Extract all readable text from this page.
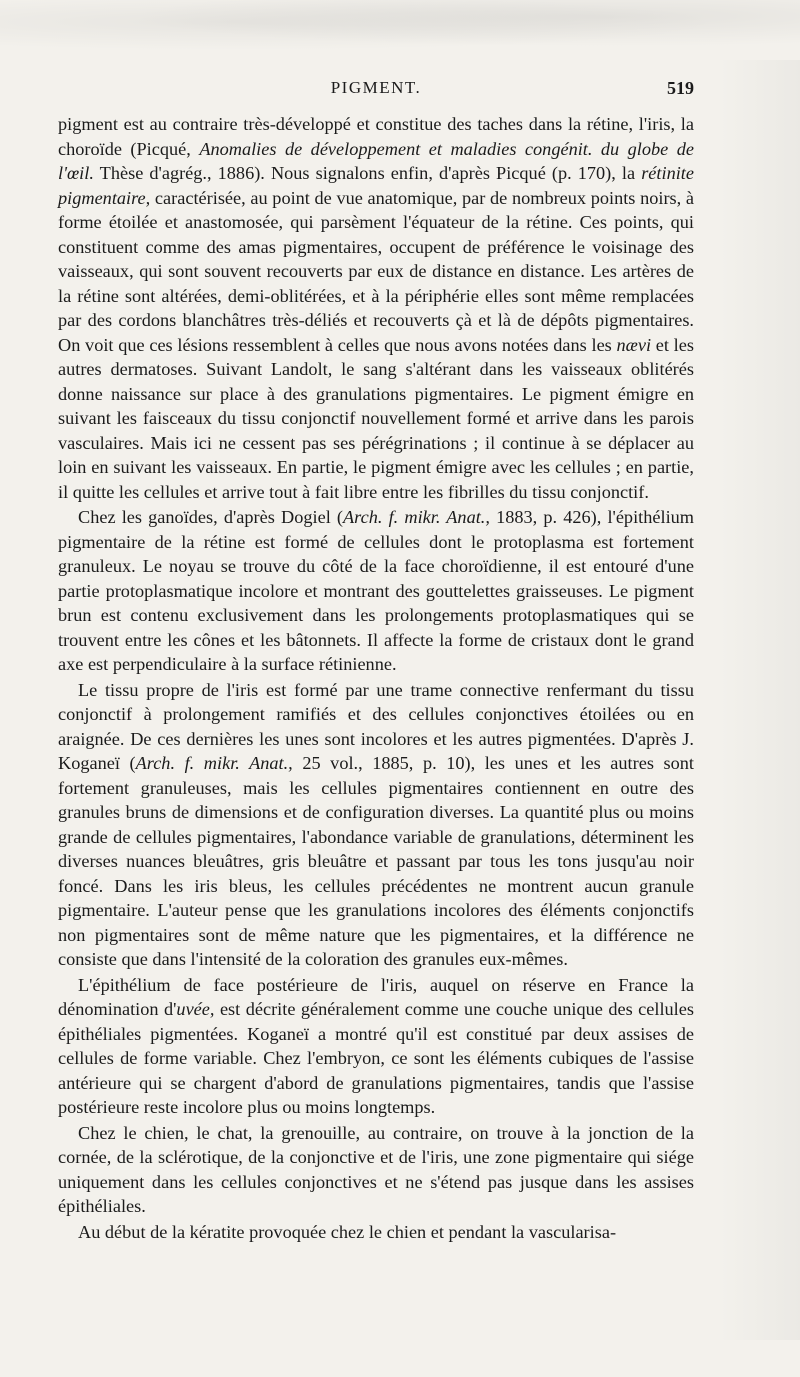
PIGMENT.	519

pigment est au contraire très-développé et constitue des taches dans la rétine, l'iris, la choroïde (Picqué, Anomalies de développement et maladies congénit. du globe de l'œil. Thèse d'agrég., 1886). Nous signalons enfin, d'après Picqué (p. 170), la rétinite pigmentaire, caractérisée, au point de vue anatomique, par de nombreux points noirs, à forme étoilée et anastomosée, qui parsèment l'équateur de la rétine. Ces points, qui constituent comme des amas pigmentaires, occupent de préférence le voisinage des vaisseaux, qui sont souvent recouverts par eux de distance en distance. Les artères de la rétine sont altérées, demi-oblitérées, et à la périphérie elles sont même remplacées par des cordons blanchâtres très-déliés et recouverts çà et là de dépôts pigmentaires. On voit que ces lésions ressemblent à celles que nous avons notées dans les nævi et les autres dermatoses. Suivant Landolt, le sang s'altérant dans les vaisseaux oblitérés donne naissance sur place à des granulations pigmentaires. Le pigment émigre en suivant les faisceaux du tissu conjonctif nouvellement formé et arrive dans les parois vasculaires. Mais ici ne cessent pas ses pérégrinations ; il continue à se déplacer au loin en suivant les vaisseaux. En partie, le pigment émigre avec les cellules ; en partie, il quitte les cellules et arrive tout à fait libre entre les fibrilles du tissu conjonctif.

Chez les ganoïdes, d'après Dogiel (Arch. f. mikr. Anat., 1883, p. 426), l'épithélium pigmentaire de la rétine est formé de cellules dont le protoplasma est fortement granuleux. Le noyau se trouve du côté de la face choroïdienne, il est entouré d'une partie protoplasmatique incolore et montrant des gouttelettes graisseuses. Le pigment brun est contenu exclusivement dans les prolongements protoplasmatiques qui se trouvent entre les cônes et les bâtonnets. Il affecte la forme de cristaux dont le grand axe est perpendiculaire à la surface rétinienne.

Le tissu propre de l'iris est formé par une trame connective renfermant du tissu conjonctif à prolongement ramifiés et des cellules conjonctives étoilées ou en araignée. De ces dernières les unes sont incolores et les autres pigmentées. D'après J. Koganeï (Arch. f. mikr. Anat., 25 vol., 1885, p. 10), les unes et les autres sont fortement granuleuses, mais les cellules pigmentaires contiennent en outre des granules bruns de dimensions et de configuration diverses. La quantité plus ou moins grande de cellules pigmentaires, l'abondance variable de granulations, déterminent les diverses nuances bleuâtres, gris bleuâtre et passant par tous les tons jusqu'au noir foncé. Dans les iris bleus, les cellules précédentes ne montrent aucun granule pigmentaire. L'auteur pense que les granulations incolores des éléments conjonctifs non pigmentaires sont de même nature que les pigmentaires, et la différence ne consiste que dans l'intensité de la coloration des granules eux-mêmes.

L'épithélium de face postérieure de l'iris, auquel on réserve en France la dénomination d'uvée, est décrite généralement comme une couche unique des cellules épithéliales pigmentées. Koganeï a montré qu'il est constitué par deux assises de cellules de forme variable. Chez l'embryon, ce sont les éléments cubiques de l'assise antérieure qui se chargent d'abord de granulations pigmentaires, tandis que l'assise postérieure reste incolore plus ou moins longtemps.

Chez le chien, le chat, la grenouille, au contraire, on trouve à la jonction de la cornée, de la sclérotique, de la conjonctive et de l'iris, une zone pigmentaire qui siége uniquement dans les cellules conjonctives et ne s'étend pas jusque dans les assises épithéliales.

Au début de la kératite provoquée chez le chien et pendant la vascularisa-
